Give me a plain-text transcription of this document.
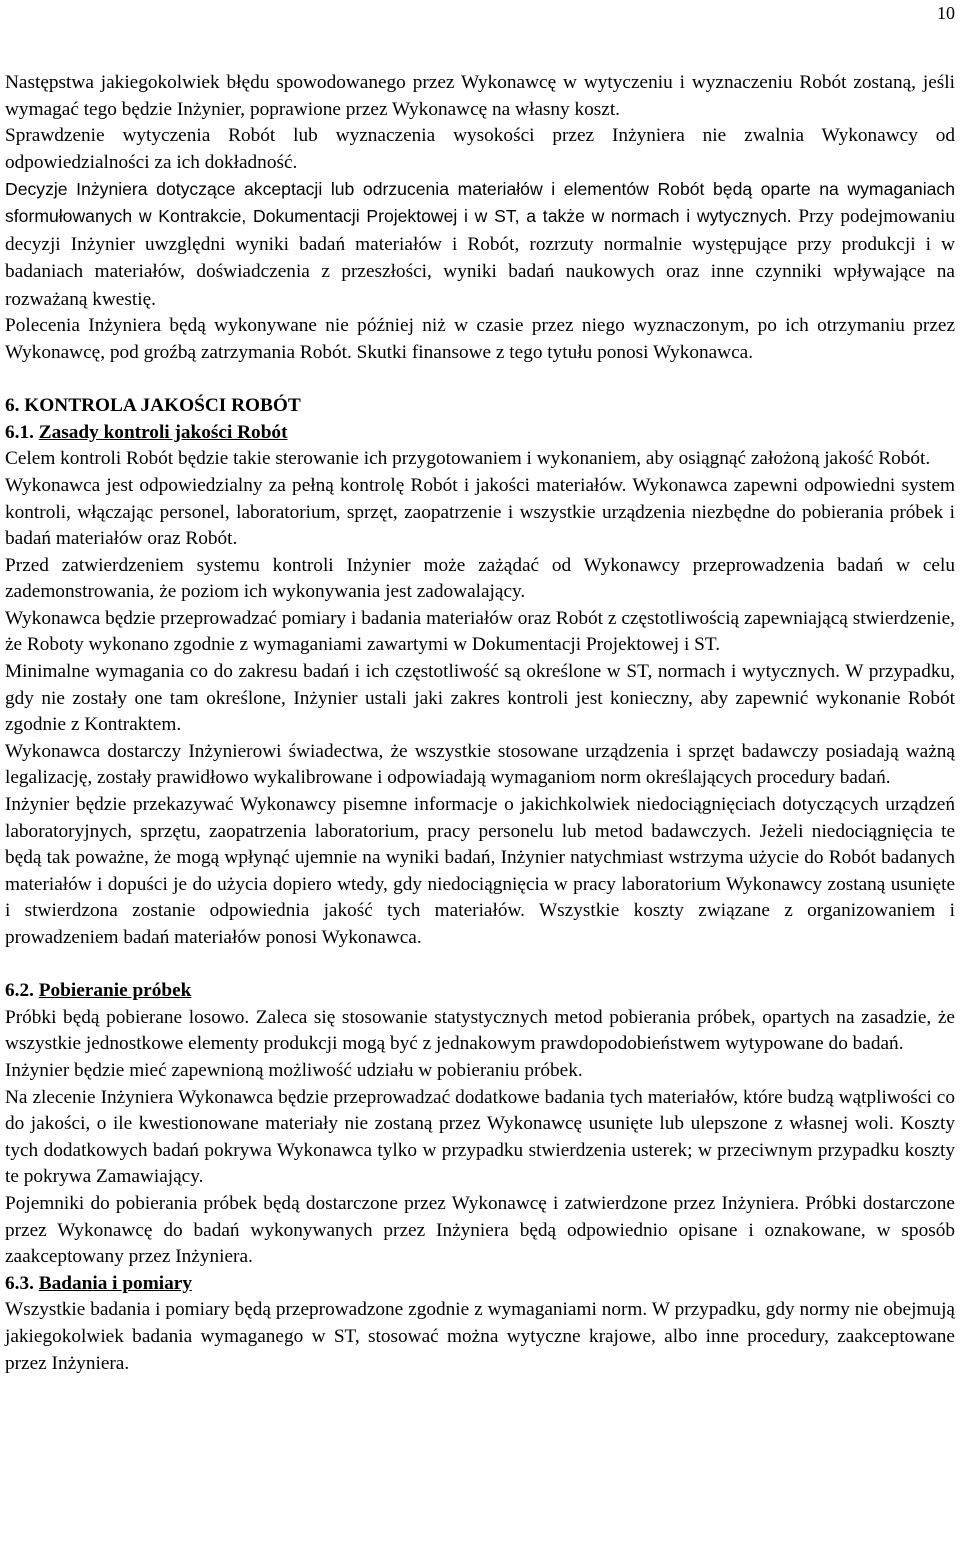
10

Następstwa jakiegokolwiek błędu spowodowanego przez Wykonawcę w wytyczeniu i wyznaczeniu Robót zostaną, jeśli wymagać tego będzie Inżynier, poprawione przez Wykonawcę na własny koszt.

Sprawdzenie wytyczenia Robót lub wyznaczenia wysokości przez Inżyniera nie zwalnia Wykonawcy od odpowiedzialności za ich dokładność.

Decyzje Inżyniera dotyczące akceptacji lub odrzucenia materiałów i elementów Robót będą oparte na wymaganiach sformułowanych w Kontrakcie, Dokumentacji Projektowej i w ST, a także w normach i wytycznych. Przy podejmowaniu decyzji Inżynier uwzględni wyniki badań materiałów i Robót, rozrzuty normalnie występujące przy produkcji i w badaniach materiałów, doświadczenia z przeszłości, wyniki badań naukowych oraz inne czynniki wpływające na rozważaną kwestię.

Polecenia Inżyniera będą wykonywane nie później niż w czasie przez niego wyznaczonym, po ich otrzymaniu przez Wykonawcę, pod groźbą zatrzymania Robót. Skutki finansowe z tego tytułu ponosi Wykonawca.

6. KONTROLA JAKOŚCI ROBÓT
6.1. Zasady kontroli jakości Robót

Celem kontroli Robót będzie takie sterowanie ich przygotowaniem i wykonaniem, aby osiągnąć założoną jakość Robót.

Wykonawca jest odpowiedzialny za pełną kontrolę Robót i jakości materiałów. Wykonawca zapewni odpowiedni system kontroli, włączając personel, laboratorium, sprzęt, zaopatrzenie i wszystkie urządzenia niezbędne do pobierania próbek i badań materiałów oraz Robót.

Przed zatwierdzeniem systemu kontroli Inżynier może zażądać od Wykonawcy przeprowadzenia badań w celu zademonstrowania, że poziom ich wykonywania jest zadowalający.

Wykonawca będzie przeprowadzać pomiary i badania materiałów oraz Robót z częstotliwością zapewniającą stwierdzenie, że Roboty wykonano zgodnie z wymaganiami zawartymi w Dokumentacji Projektowej i ST.

Minimalne wymagania co do zakresu badań i ich częstotliwość są określone w ST, normach i wytycznych. W przypadku, gdy nie zostały one tam określone, Inżynier ustali jaki zakres kontroli jest konieczny, aby zapewnić wykonanie Robót zgodnie z Kontraktem.

Wykonawca dostarczy Inżynierowi świadectwa, że wszystkie stosowane urządzenia i sprzęt badawczy posiadają ważną legalizację, zostały prawidłowo wykalibrowane i odpowiadają wymaganiom norm określających procedury badań.

Inżynier będzie przekazywać Wykonawcy pisemne informacje o jakichkolwiek niedociągnięciach dotyczących urządzeń laboratoryjnych, sprzętu, zaopatrzenia laboratorium, pracy personelu lub metod badawczych. Jeżeli niedociągnięcia te będą tak poważne, że mogą wpłynąć ujemnie na wyniki badań, Inżynier natychmiast wstrzyma użycie do Robót badanych materiałów i dopuści je do użycia dopiero wtedy, gdy niedociągnięcia w pracy laboratorium Wykonawcy zostaną usunięte i stwierdzona zostanie odpowiednia jakość tych materiałów. Wszystkie koszty związane z organizowaniem i prowadzeniem badań materiałów ponosi Wykonawca.

6.2. Pobieranie próbek

Próbki będą pobierane losowo. Zaleca się stosowanie statystycznych metod pobierania próbek, opartych na zasadzie, że wszystkie jednostkowe elementy produkcji mogą być z jednakowym prawdopodobieństwem wytypowane do badań.

Inżynier będzie mieć zapewnioną możliwość udziału w pobieraniu próbek.

Na zlecenie Inżyniera Wykonawca będzie przeprowadzać dodatkowe badania tych materiałów, które budzą wątpliwości co do jakości, o ile kwestionowane materiały nie zostaną przez Wykonawcę usunięte lub ulepszone z własnej woli. Koszty tych dodatkowych badań pokrywa Wykonawca tylko w przypadku stwierdzenia usterek; w przeciwnym przypadku koszty te pokrywa Zamawiający.

Pojemniki do pobierania próbek będą dostarczone przez Wykonawcę i zatwierdzone przez Inżyniera. Próbki dostarczone przez Wykonawcę do badań wykonywanych przez Inżyniera będą odpowiednio opisane i oznakowane, w sposób zaakceptowany przez Inżyniera.

6.3. Badania i pomiary

Wszystkie badania i pomiary będą przeprowadzone zgodnie z wymaganiami norm. W przypadku, gdy normy nie obejmują jakiegokolwiek badania wymaganego w ST, stosować można wytyczne krajowe, albo inne procedury, zaakceptowane przez Inżyniera.
